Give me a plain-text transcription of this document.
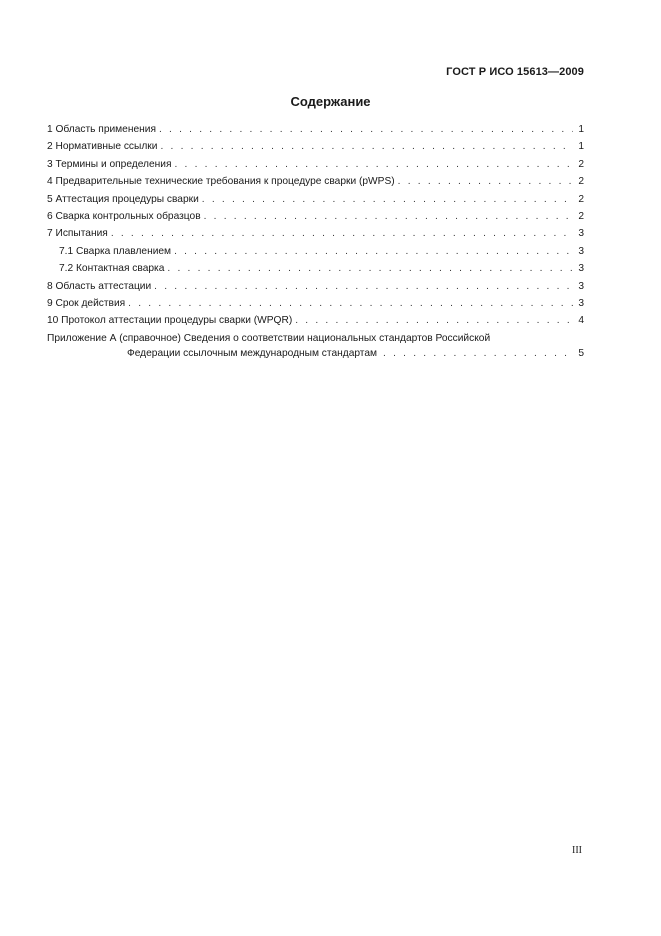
ГОСТ Р ИСО 15613—2009
Содержание
1 Область применения . . .	1
2 Нормативные ссылки . . .	1
3 Термины и определения . . .	2
4 Предварительные технические требования к процедуре сварки (pWPS) . . .	2
5 Аттестация процедуры сварки . . .	2
6 Сварка контрольных образцов . . .	2
7 Испытания . . .	3
7.1 Сварка плавлением . . .	3
7.2 Контактная сварка . . .	3
8 Область аттестации . . .	3
9 Срок действия . . .	3
10 Протокол аттестации процедуры сварки (WPQR) . . .	4
Приложение А (справочное) Сведения о соответствии национальных стандартов Российской
Федерации ссылочным международным стандартам . . .	5
III
